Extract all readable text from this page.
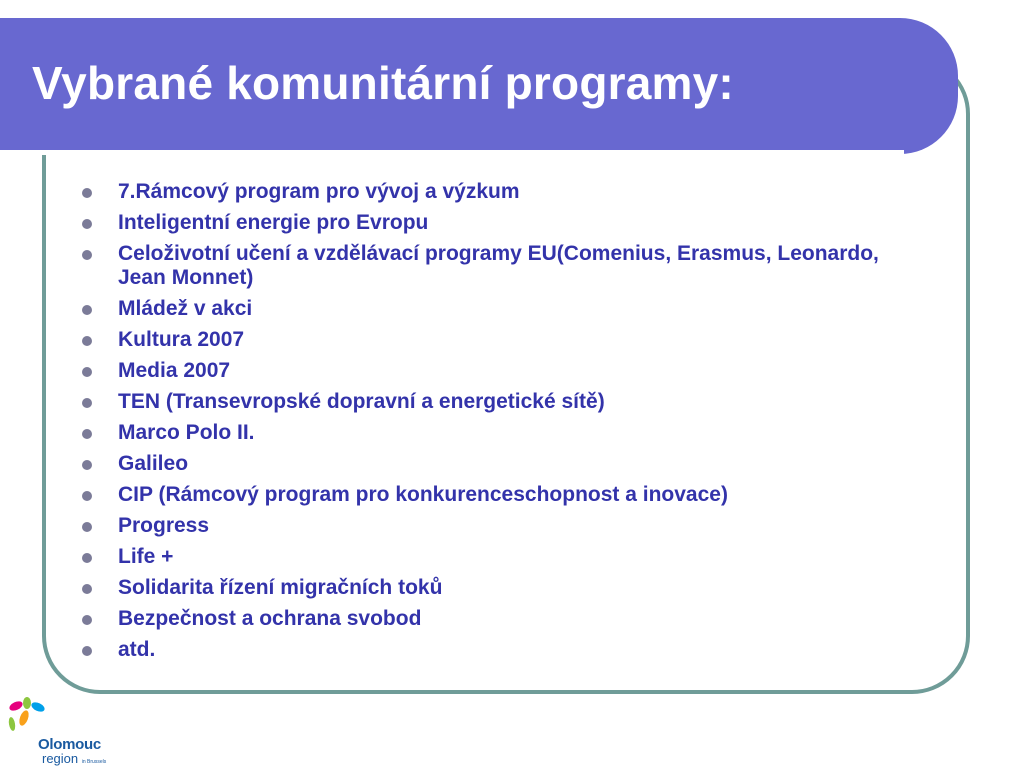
Vybrané komunitární programy:
7.Rámcový program pro vývoj a výzkum
Inteligentní energie pro Evropu
Celoživotní učení a vzdělávací programy EU(Comenius, Erasmus, Leonardo, Jean Monnet)
Mládež v akci
Kultura 2007
Media 2007
TEN (Transevropské dopravní a energetické sítě)
Marco Polo II.
Galileo
CIP (Rámcový program pro konkurenceschopnost a inovace)
Progress
Life +
Solidarita řízení migračních toků
Bezpečnost a ochrana svobod
atd.
Olomouc
region in Brussels
